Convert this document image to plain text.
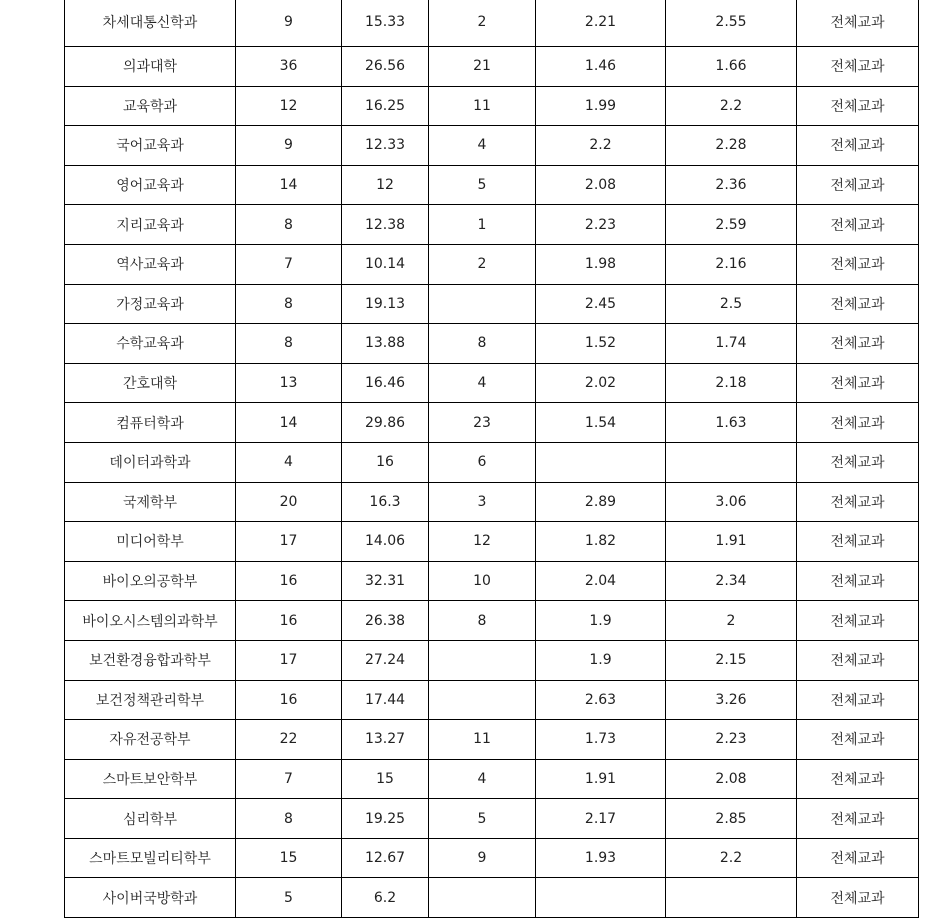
차세대통신학과	9	15.33	2	2.21	2.55	전체교과
의과대학	36	26.56	21	1.46	1.66	전체교과
교육학과	12	16.25	11	1.99	2.2	전체교과
국어교육과	9	12.33	4	2.2	2.28	전체교과
영어교육과	14	12	5	2.08	2.36	전체교과
지리교육과	8	12.38	1	2.23	2.59	전체교과
역사교육과	7	10.14	2	1.98	2.16	전체교과
가정교육과	8	19.13		2.45	2.5	전체교과
수학교육과	8	13.88	8	1.52	1.74	전체교과
간호대학	13	16.46	4	2.02	2.18	전체교과
컴퓨터학과	14	29.86	23	1.54	1.63	전체교과
데이터과학과	4	16	6			전체교과
국제학부	20	16.3	3	2.89	3.06	전체교과
미디어학부	17	14.06	12	1.82	1.91	전체교과
바이오의공학부	16	32.31	10	2.04	2.34	전체교과
바이오시스템의과학부	16	26.38	8	1.9	2	전체교과
보건환경융합과학부	17	27.24		1.9	2.15	전체교과
보건정책관리학부	16	17.44		2.63	3.26	전체교과
자유전공학부	22	13.27	11	1.73	2.23	전체교과
스마트보안학부	7	15	4	1.91	2.08	전체교과
심리학부	8	19.25	5	2.17	2.85	전체교과
스마트모빌리티학부	15	12.67	9	1.93	2.2	전체교과
사이버국방학과	5	6.2				전체교과
